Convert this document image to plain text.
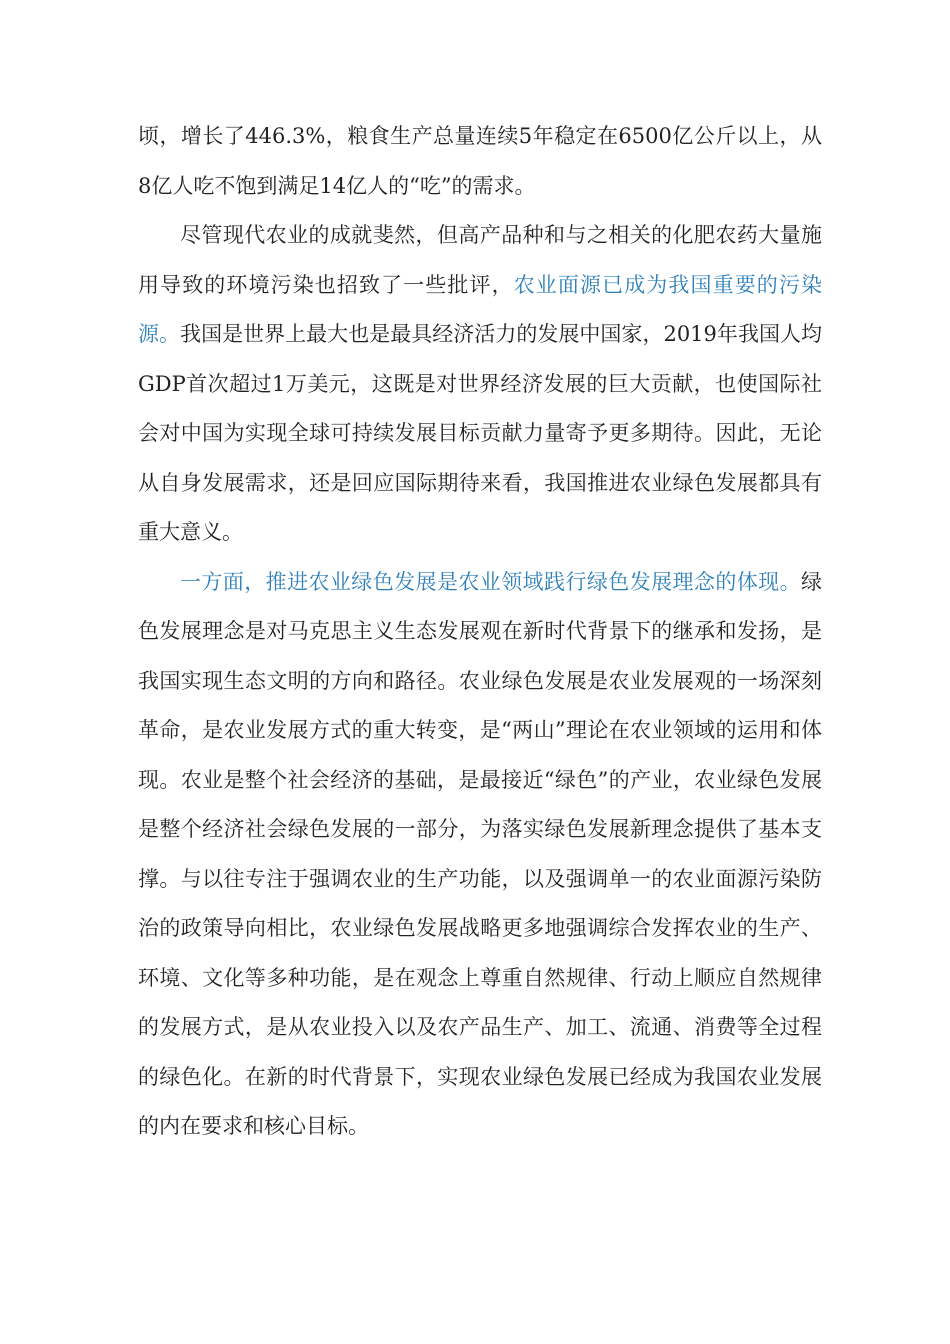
顷，增长了446.3%，粮食生产总量连续5年稳定在6500亿公斤以上，从8亿人吃不饱到满足14亿人的“吃”的需求。

尽管现代农业的成就斐然，但高产品种和与之相关的化肥农药大量施用导致的环境污染也招致了一些批评，农业面源已成为我国重要的污染源。我国是世界上最大也是最具经济活力的发展中国家，2019年我国人均GDP首次超过1万美元，这既是对世界经济发展的巨大贡献，也使国际社会对中国为实现全球可持续发展目标贡献力量寄予更多期待。因此，无论从自身发展需求，还是回应国际期待来看，我国推进农业绿色发展都具有重大意义。

一方面，推进农业绿色发展是农业领域践行绿色发展理念的体现。绿色发展理念是对马克思主义生态发展观在新时代背景下的继承和发扬，是我国实现生态文明的方向和路径。农业绿色发展是农业发展观的一场深刻革命，是农业发展方式的重大转变，是“两山”理论在农业领域的运用和体现。农业是整个社会经济的基础，是最接近“绿色”的产业，农业绿色发展是整个经济社会绿色发展的一部分，为落实绿色发展新理念提供了基本支撑。与以往专注于强调农业的生产功能，以及强调单一的农业面源污染防治的政策导向相比，农业绿色发展战略更多地强调综合发挥农业的生产、环境、文化等多种功能，是在观念上尊重自然规律、行动上顺应自然规律的发展方式，是从农业投入以及农产品生产、加工、流通、消费等全过程的绿色化。在新的时代背景下，实现农业绿色发展已经成为我国农业发展的内在要求和核心目标。
